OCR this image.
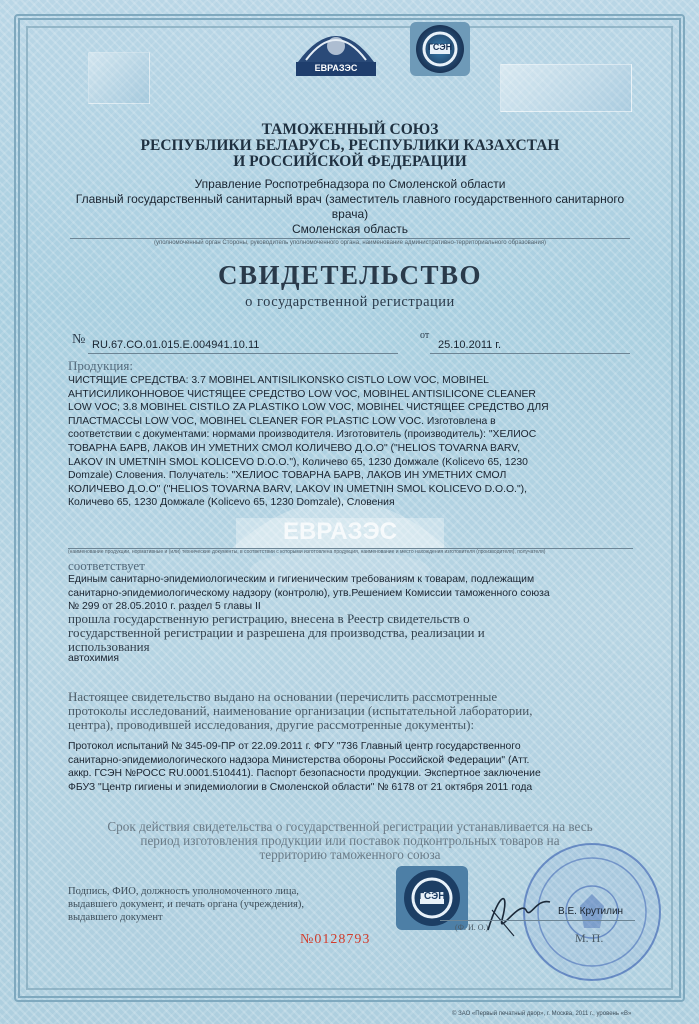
ЕВРАЗЭС
ГСЭН
ТАМОЖЕННЫЙ СОЮЗ
РЕСПУБЛИКИ БЕЛАРУСЬ, РЕСПУБЛИКИ КАЗАХСТАН
И РОССИЙСКОЙ ФЕДЕРАЦИИ
Управление Роспотребнадзора по Смоленской области
Главный государственный санитарный врач (заместитель главного государственного санитарного
врача)
Смоленская область
(уполномоченный орган Стороны, руководитель уполномоченного органа, наименование административно-территориального образования)
СВИДЕТЕЛЬСТВО
о государственной регистрации
№ RU.67.CO.01.015.E.004941.10.11
от
25.10.2011 г.
ЕВРАЗЭС
Продукция:
ЧИСТЯЩИЕ СРЕДСТВА: 3.7 MOBIHEL ANTISILIKONSKO CISTLO LOW VOC, MOBIHEL
АНТИСИЛИКОННОВОЕ ЧИСТЯЩЕЕ СРЕДСТВО LOW VOC, MOBIHEL ANTISILICONE CLEANER
LOW VOC; 3.8 MOBIHEL CISTILO ZA PLASTIKO LOW VOC, MOBIHEL ЧИСТЯЩЕЕ СРЕДСТВО ДЛЯ
ПЛАСТМАССЫ LOW VOC, MOBIHEL CLEANER FOR PLASTIC LOW VOC. Изготовлена в
соответствии с документами: нормами производителя. Изготовитель (производитель): "ХЕЛИОС
ТОВАРНА БАРВ, ЛАКОВ ИН УМЕТНИХ СМОЛ КОЛИЧЕВО Д.О.О" ("HELIOS TOVARNA BARV,
LAKOV IN UMETNIH SMOL KOLICEVO D.O.O."), Количево 65, 1230 Домжале (Kolicevo 65, 1230
Domzale) Словения. Получатель: "ХЕЛИОС ТОВАРНА БАРВ, ЛАКОВ ИН УМЕТНИХ СМОЛ
КОЛИЧЕВО Д.О.О" ("HELIOS TOVARNA BARV, LAKOV IN UMETNIH SMOL KOLICEVO D.O.O."),
Количево 65, 1230 Домжале (Kolicevo 65, 1230 Domzale), Словения
(наименование продукции, нормативные и (или) технические документы, в соответствии с которыми изготовлена продукция, наименование и место нахождения изготовителя (производителя), получателя)
соответствует
Единым санитарно-эпидемиологическим и гигиеническим требованиям к товарам, подлежащим
санитарно-эпидемиологическому надзору (контролю), утв.Решением Комиссии таможенного союза
№ 299 от 28.05.2010 г. раздел 5 главы II
прошла государственную регистрацию, внесена в Реестр свидетельств о
государственной регистрации и разрешена для производства, реализации и
использования
автохимия
Настоящее свидетельство выдано на основании (перечислить рассмотренные
протоколы исследований, наименование организации (испытательной лаборатории,
центра), проводившей исследования, другие рассмотренные документы):
Протокол испытаний № 345-09-ПР от 22.09.2011 г. ФГУ "736 Главный центр государственного
санитарно-эпидемиологического надзора Министерства обороны Российской Федерации" (Атт.
аккр. ГСЭН №РОСС RU.0001.510441). Паспорт безопасности продукции. Экспертное заключение
ФБУЗ "Центр гигиены и эпидемиологии в Смоленской области" № 6178 от 21 октября 2011 года
Срок действия свидетельства о государственной регистрации устанавливается на весь
период изготовления продукции или поставок подконтрольных товаров на
территорию таможенного союза
Подпись, ФИО, должность уполномоченного лица,
выдавшего документ, и печать органа (учреждения),
выдавшего документ
ГСЭН
№0128793
В.Е. Крутилин
(Ф. И. О.)
М. П.
© ЗАО «Первый печатный двор», г. Москва, 2011 г., уровень «В»
